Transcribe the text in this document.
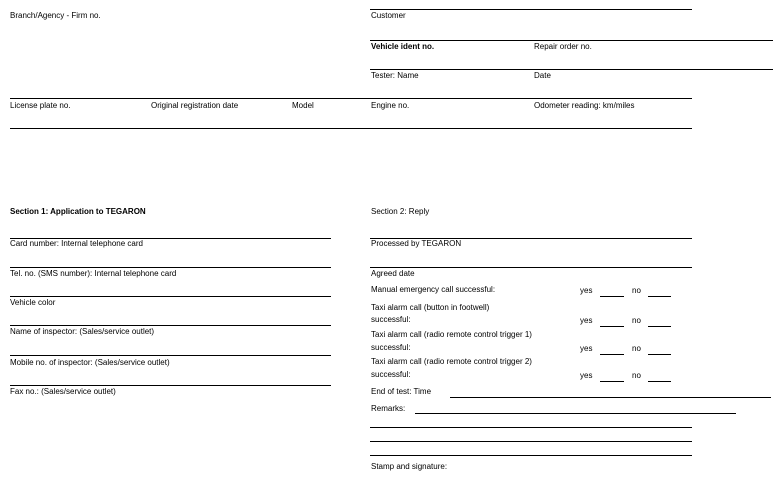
Branch/Agency - Firm no.	Customer
Vehicle ident no.	Repair order no.
Tester: Name	Date
License plate no.	Original registration date	Model	Engine no.	Odometer reading: km/miles
Section 1: Application to TEGARON
Card number: Internal telephone card
Tel. no. (SMS number): Internal telephone card
Vehicle color
Name of inspector: (Sales/service outlet)
Mobile no. of inspector: (Sales/service outlet)
Fax no.: (Sales/service outlet)
Section 2: Reply
Processed by TEGARON
Agreed date
Manual emergency call successful:	yes	no
Taxi alarm call (button in footwell)
successful:	yes	no
Taxi alarm call (radio remote control trigger 1)
successful:	yes	no
Taxi alarm call (radio remote control trigger 2)
successful:	yes	no
End of test: Time
Remarks:
Stamp and signature:
